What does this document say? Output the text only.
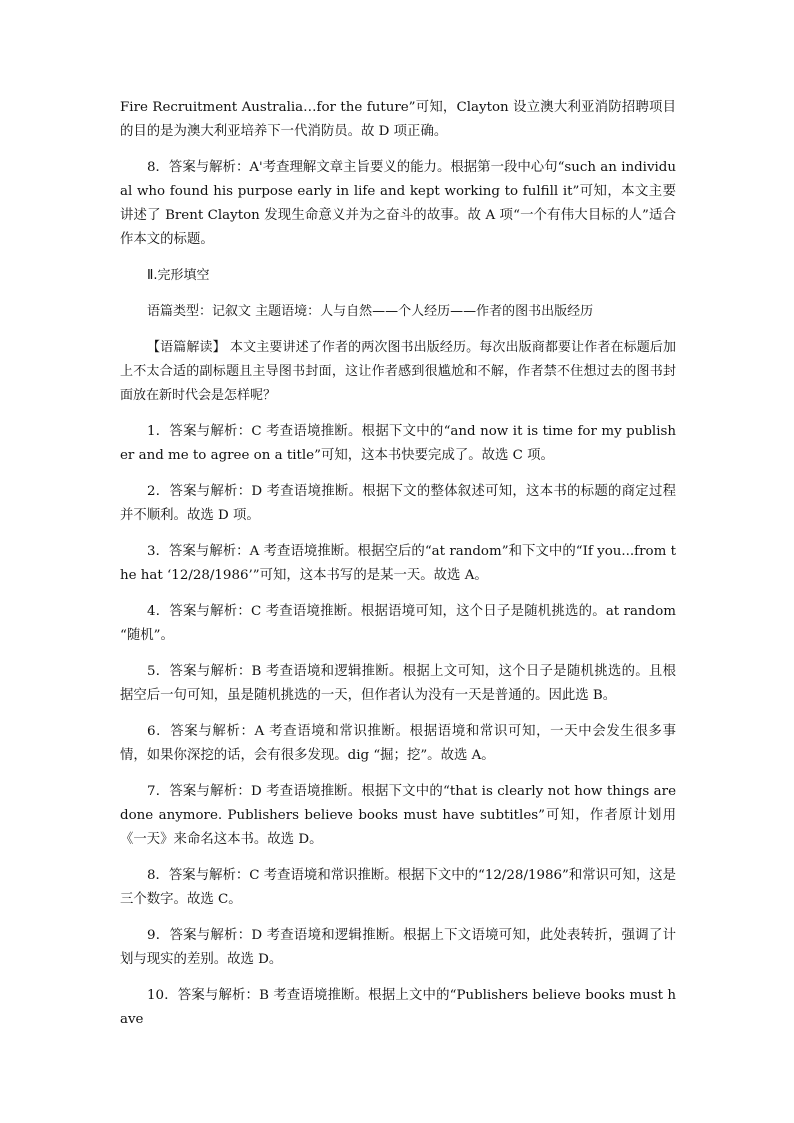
Fire Recruitment Australia…for the future”可知，Clayton 设立澳大利亚消防招聘项目的目的是为澳大利亚培养下一代消防员。故 D 项正确。

8．答案与解析：A'考查理解文章主旨要义的能力。根据第一段中心句“such an individual who found his purpose early in life and kept working to fulfill it”可知，本文主要讲述了 Brent Clayton 发现生命意义并为之奋斗的故事。故 A 项“一个有伟大目标的人”适合作本文的标题。

Ⅱ.完形填空

语篇类型：记叙文 主题语境：人与自然——个人经历——作者的图书出版经历

【语篇解读】 本文主要讲述了作者的两次图书出版经历。每次出版商都要让作者在标题后加上不太合适的副标题且主导图书封面，这让作者感到很尴尬和不解，作者禁不住想过去的图书封面放在新时代会是怎样呢？

1．答案与解析：C 考查语境推断。根据下文中的“and now it is time for my publisher and me to agree on a title”可知，这本书快要完成了。故选 C 项。

2．答案与解析：D 考查语境推断。根据下文的整体叙述可知，这本书的标题的商定过程并不顺利。故选 D 项。

3．答案与解析：A 考查语境推断。根据空后的“at random”和下文中的“If you...from the hat ‘12/28/1986’”可知，这本书写的是某一天。故选 A。

4．答案与解析：C 考查语境推断。根据语境可知，这个日子是随机挑选的。at random “随机”。

5．答案与解析：B 考查语境和逻辑推断。根据上文可知，这个日子是随机挑选的。且根据空后一句可知，虽是随机挑选的一天，但作者认为没有一天是普通的。因此选 B。

6．答案与解析：A 考查语境和常识推断。根据语境和常识可知，一天中会发生很多事情，如果你深挖的话，会有很多发现。dig “掘；挖”。故选 A。

7．答案与解析：D 考查语境推断。根据下文中的“that is clearly not how things are done anymore. Publishers believe books must have subtitles”可知，作者原计划用《一天》来命名这本书。故选 D。

8．答案与解析：C 考查语境和常识推断。根据下文中的“12/28/1986”和常识可知，这是三个数字。故选 C。

9．答案与解析：D 考查语境和逻辑推断。根据上下文语境可知，此处表转折，强调了计划与现实的差别。故选 D。

10．答案与解析：B 考查语境推断。根据上文中的“Publishers believe books must have
